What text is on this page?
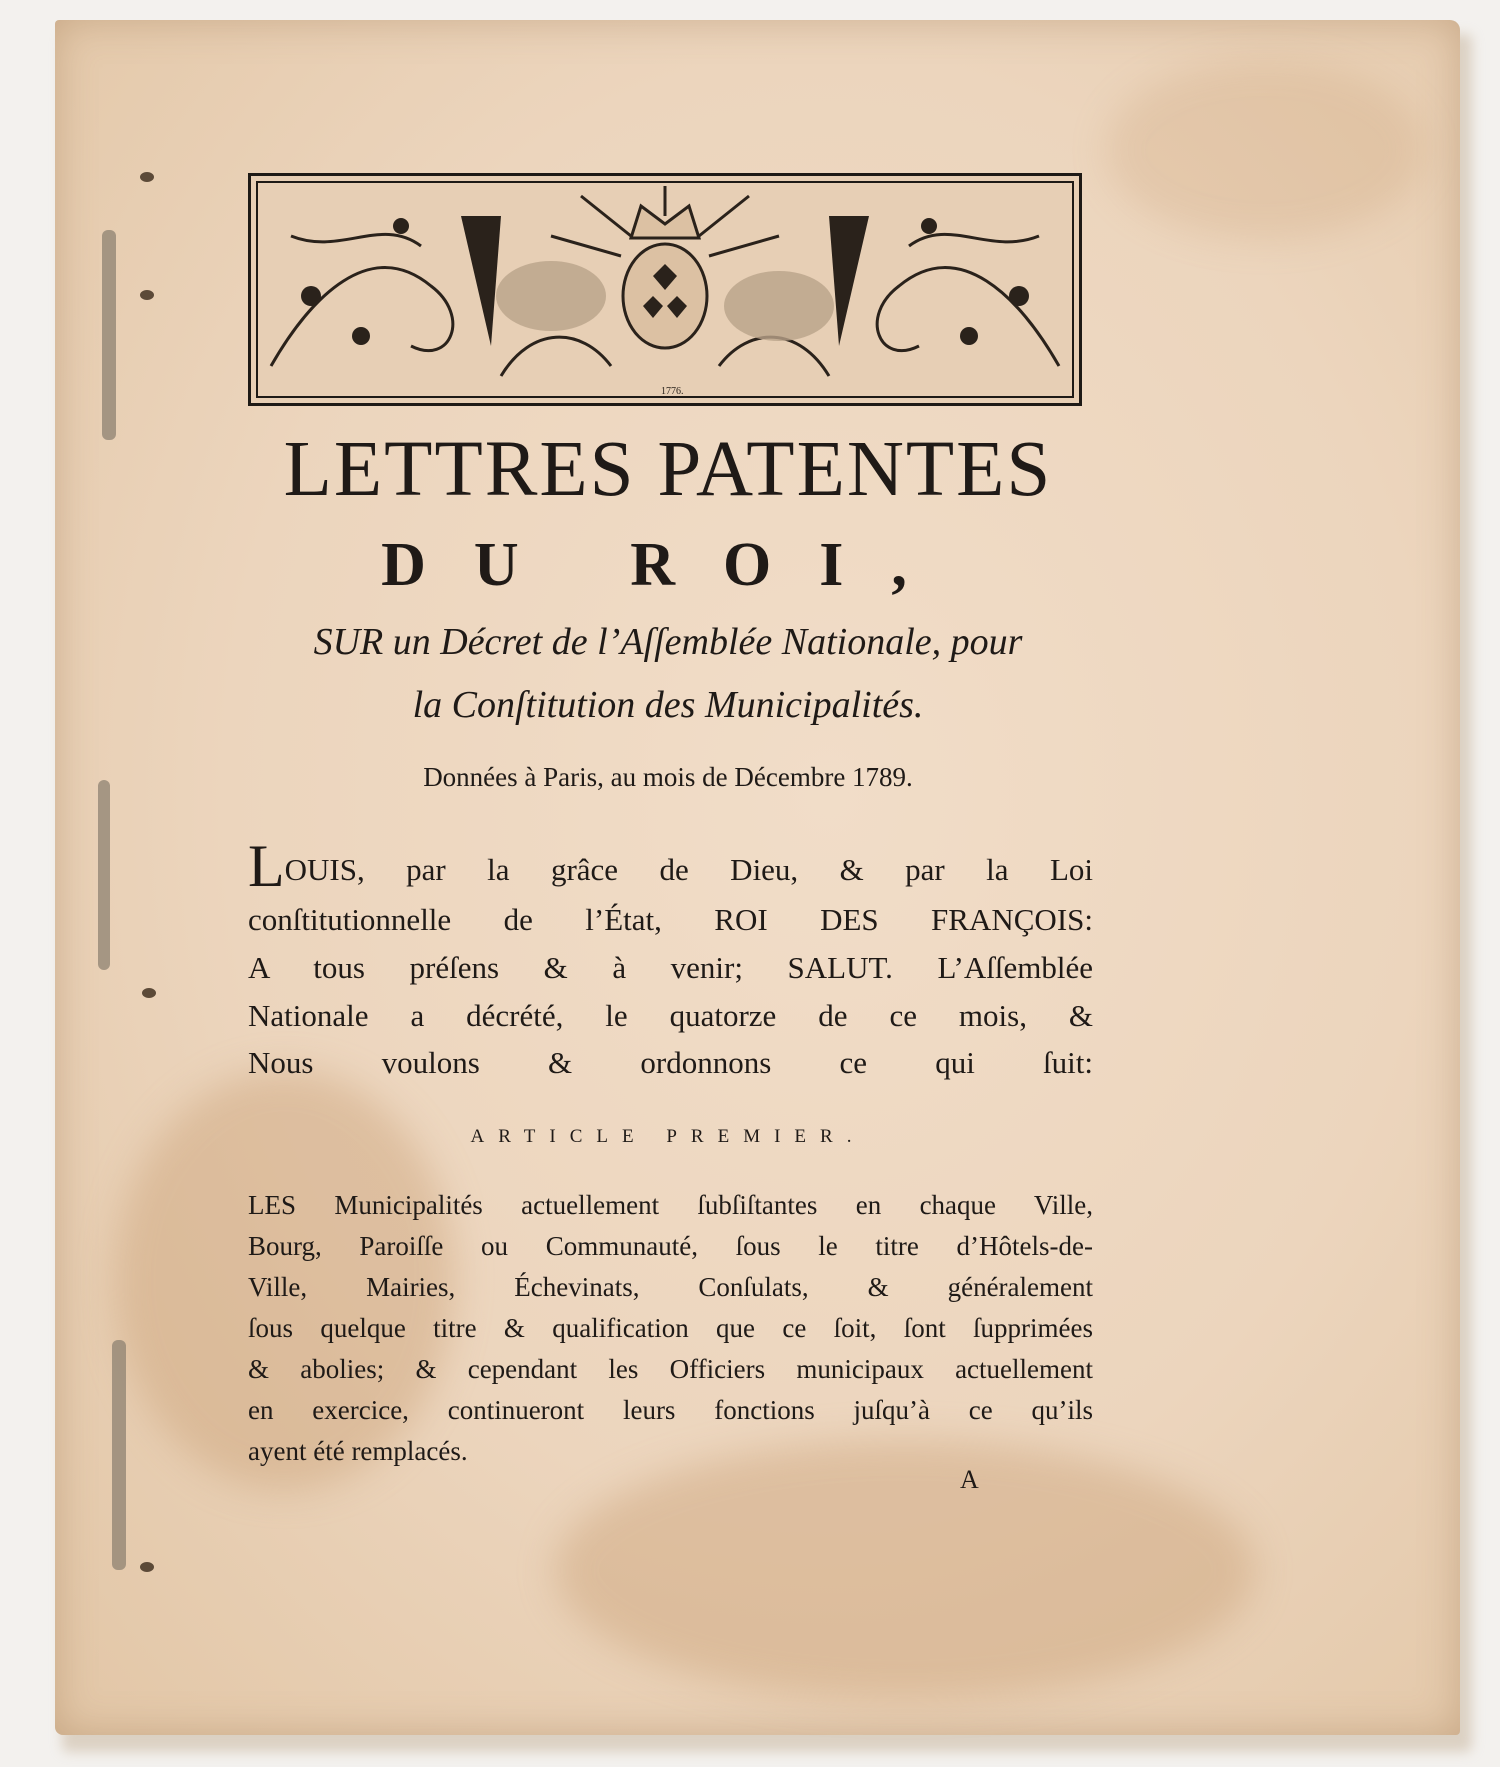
1776.
LETTRES PATENTES
DU ROI,
SUR un Décret de l’Aſſemblée Nationale, pour
la Conſtitution des Municipalités.
Données à Paris, au mois de Décembre 1789.
LOUIS, par la grâce de Dieu, & par la Loi
conſtitutionnelle de l’État, ROI DES FRANÇOIS:
A tous préſens & à venir; SALUT. L’Aſſemblée
Nationale a décrété, le quatorze de ce mois, &
Nous voulons & ordonnons ce qui ſuit:
ARTICLE PREMIER.
LES Municipalités actuellement ſubſiſtantes en chaque Ville,
Bourg, Paroiſſe ou Communauté, ſous le titre d’Hôtels-de-
Ville, Mairies, Échevinats, Conſulats, & généralement
ſous quelque titre & qualification que ce ſoit, ſont ſupprimées
& abolies; & cependant les Officiers municipaux actuellement
en exercice, continueront leurs fonctions juſqu’à ce qu’ils
ayent été remplacés.
A
